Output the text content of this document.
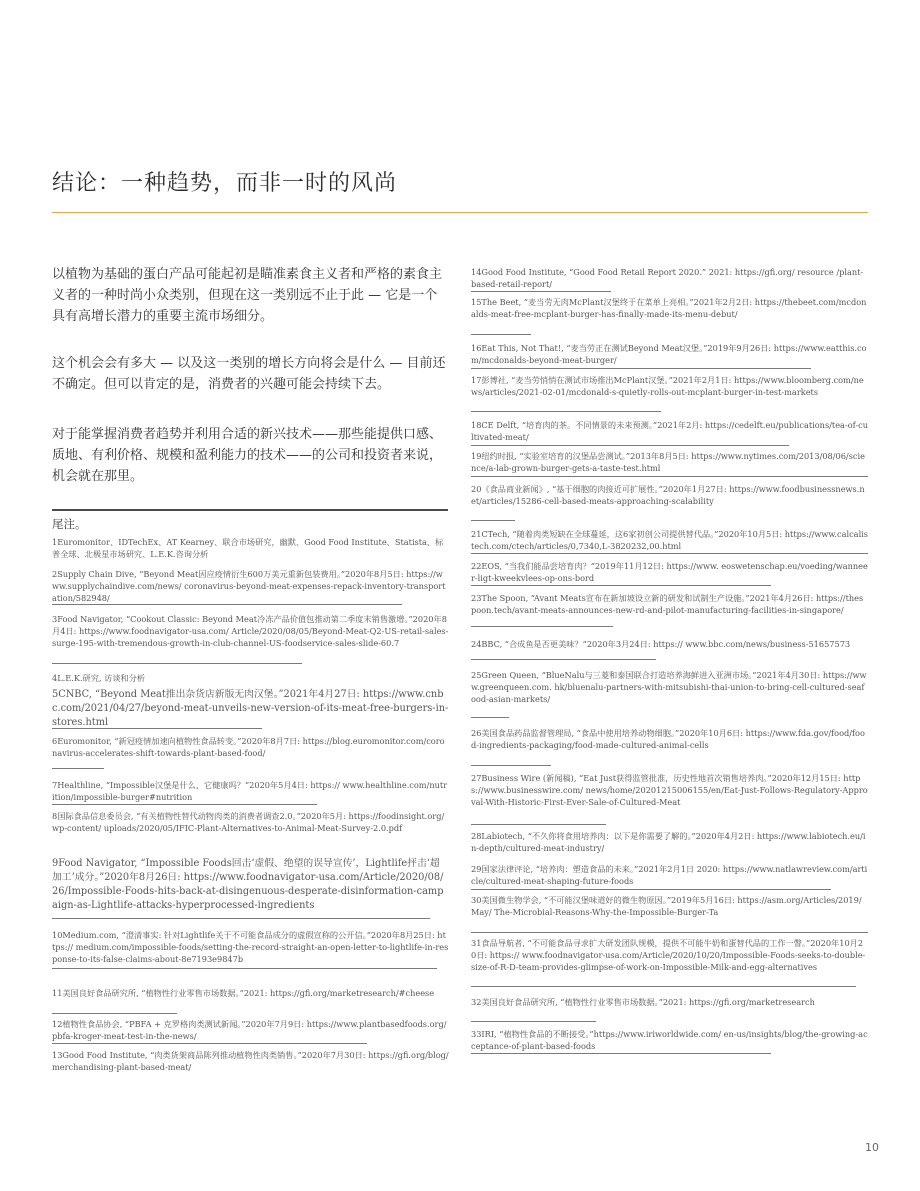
结论：一种趋势，而非一时的风尚

以植物为基础的蛋白产品可能起初是瞄准素食主义者和严格的素食主义者的一种时尚小众类别，但现在这一类别远不止于此 — 它是一个具有高增长潜力的重要主流市场细分。

这个机会会有多大 — 以及这一类别的增长方向将会是什么 — 目前还不确定。但可以肯定的是，消费者的兴趣可能会持续下去。

对于能掌握消费者趋势并利用合适的新兴技术——那些能提供口感、质地、有利价格、规模和盈利能力的技术——的公司和投资者来说，机会就在那里。

尾注。

1Euromonitor、IDTechEx、AT Kearney、联合市场研究，幽默、Good Food Institute、Statista、标普全球、北极星市场研究、L.E.K.咨询分析

2Supply Chain Dive, “Beyond Meat因应疫情衍生600万美元重新包装费用。”2020年8月5日: https://www.supplychaindive.com/news/ coronavirus-beyond-meat-expenses-repack-inventory-transportation/582948/

3Food Navigator, “Cookout Classic: Beyond Meat冷冻产品价值包推动第二季度末销售激增。”2020年8月4日: https://www.foodnavigator-usa.com/ Article/2020/08/05/Beyond-Meat-Q2-US-retail-sales-surge-195-with-tremendous-growth-in-club-channel-US-foodservice-sales-slide-60.7

4L.E.K.研究, 访谈和分析

5CNBC, “Beyond Meat推出杂货店新版无肉汉堡。”2021年4月27日: https://www.cnbc.com/2021/04/27/beyond-meat-unveils-new-version-of-its-meat-free-burgers-in-stores.html

6Euromonitor, “新冠疫情加速向植物性食品转变。”2020年8月7日: https://blog.euromonitor.com/coronavirus-accelerates-shift-towards-plant-based-food/

7Healthline, “Impossible汉堡是什么，它健康吗？”2020年5月4日: https:// www.healthline.com/nutrition/impossible-burger#nutrition

8国际食品信息委员会, “有关植物性替代动物肉类的消费者调查2.0。”2020年5月: https://foodinsight.org/wp-content/ uploads/2020/05/IFIC-Plant-Alternatives-to-Animal-Meat-Survey-2.0.pdf

9Food Navigator, “Impossible Foods回击‘虚假、绝望的误导宣传’，Lightlife抨击‘超加工’成分。”2020年8月26日: https://www.foodnavigator-usa.com/Article/2020/08/26/Impossible-Foods-hits-back-at-disingenuous-desperate-disinformation-campaign-as-Lightlife-attacks-hyperprocessed-ingredients

10Medium.com, “澄清事实: 针对Lightlife关于不可能食品成分的虚假宣称的公开信。”2020年8月25日: https:// medium.com/impossible-foods/setting-the-record-straight-an-open-letter-to-lightlife-in-response-to-its-false-claims-about-8e7193e9847b

11美国良好食品研究所, “植物性行业零售市场数据。”2021: https://gfi.org/marketresearch/#cheese

12植物性食品协会, “PBFA + 克罗格肉类测试新闻。”2020年7月9日: https://www.plantbasedfoods.org/pbfa-kroger-meat-test-in-the-news/

13Good Food Institute, “肉类货架商品陈列推动植物性肉类销售。”2020年7月30日: https://gfi.org/blog/merchandising-plant-based-meat/

14Good Food Institute, “Good Food Retail Report 2020.” 2021: https://gfi.org/ resource /plant-based-retail-report/

15The Beet, “麦当劳无肉McPlant汉堡终于在菜单上亮相。”2021年2月2日: https://thebeet.com/mcdonalds-meat-free-mcplant-burger-has-finally-made-its-menu-debut/

16Eat This, Not That!, “麦当劳正在测试Beyond Meat汉堡。”2019年9月26日: https://www.eatthis.com/mcdonalds-beyond-meat-burger/

17彭博社, “麦当劳悄悄在测试市场推出McPlant汉堡。”2021年2月1日: https://www.bloomberg.com/news/articles/2021-02-01/mcdonald-s-quietly-rolls-out-mcplant-burger-in-test-markets

18CE Delft, “培育肉的茶。不同情景的未来预测。”2021年2月: https://cedelft.eu/publications/tea-of-cultivated-meat/

19纽约时报, “实验室培育的汉堡品尝测试。”2013年8月5日: https://www.nytimes.com/2013/08/06/science/a-lab-grown-burger-gets-a-taste-test.html

20《食品商业新闻》, “基于细胞的肉接近可扩展性。”2020年1月27日: https://www.foodbusinessnews.net/articles/15286-cell-based-meats-approaching-scalability

21CTech, “随着肉类短缺在全球蔓延，这6家初创公司提供替代品。”2020年10月5日: https://www.calcalistech.com/ctech/articles/0,7340,L-3820232,00.html

22EOS, “当我们能品尝培育肉？”2019年11月12日: https://www. eoswetenschap.eu/voeding/wanneer-ligt-kweekvlees-op-ons-bord

23The Spoon, “Avant Meats宣布在新加坡设立新的研发和试制生产设施。”2021年4月26日: https://thespoon.tech/avant-meats-announces-new-rd-and-pilot-manufacturing-facilities-in-singapore/

24BBC, “合成鱼是否更美味？”2020年3月24日: https:// www.bbc.com/news/business-51657573

25Green Queen, “BlueNalu与三菱和泰国联合打造培养海鲜进入亚洲市场。”2021年4月30日: https://www.greenqueen.com. hk/bluenalu-partners-with-mitsubishi-thai-union-to-bring-cell-cultured-seafood-asian-markets/

26美国食品药品监督管理局, “食品中使用培养动物细胞。”2020年10月6日: https://www.fda.gov/food/food-ingredients-packaging/food-made-cultured-animal-cells

27Business Wire (新闻稿), “Eat Just获得监管批准，历史性地首次销售培养肉。”2020年12月15日: https://www.businesswire.com/ news/home/20201215006155/en/Eat-Just-Follows-Regulatory-Approval-With-Historic-First-Ever-Sale-of-Cultured-Meat

28Labiotech, “不久你将食用培养肉：以下是你需要了解的。”2020年4月2日: https://www.labiotech.eu/in-depth/cultured-meat-industry/

29国家法律评论, “培养肉：塑造食品的未来。”2021年2月1日 2020: https://www.natlawreview.com/article/cultured-meat-shaping-future-foods

30美国微生物学会, “不可能汉堡味道好的微生物原因。”2019年5月16日: https://asm.org/Articles/2019/May/ The-Microbial-Reasons-Why-the-Impossible-Burger-Ta

31食品导航者, “不可能食品寻求扩大研发团队规模，提供不可能牛奶和蛋替代品的工作一瞥。”2020年10月20日: https:// www.foodnavigator-usa.com/Article/2020/10/20/Impossible-Foods-seeks-to-double-size-of-R-D-team-provides-glimpse-of-work-on-Impossible-Milk-and-egg-alternatives

32美国良好食品研究所, “植物性行业零售市场数据。”2021: https://gfi.org/marketresearch

33IRI, “植物性食品的不断接受。”https://www.iriworldwide.com/ en-us/insights/blog/the-growing-acceptance-of-plant-based-foods

10
